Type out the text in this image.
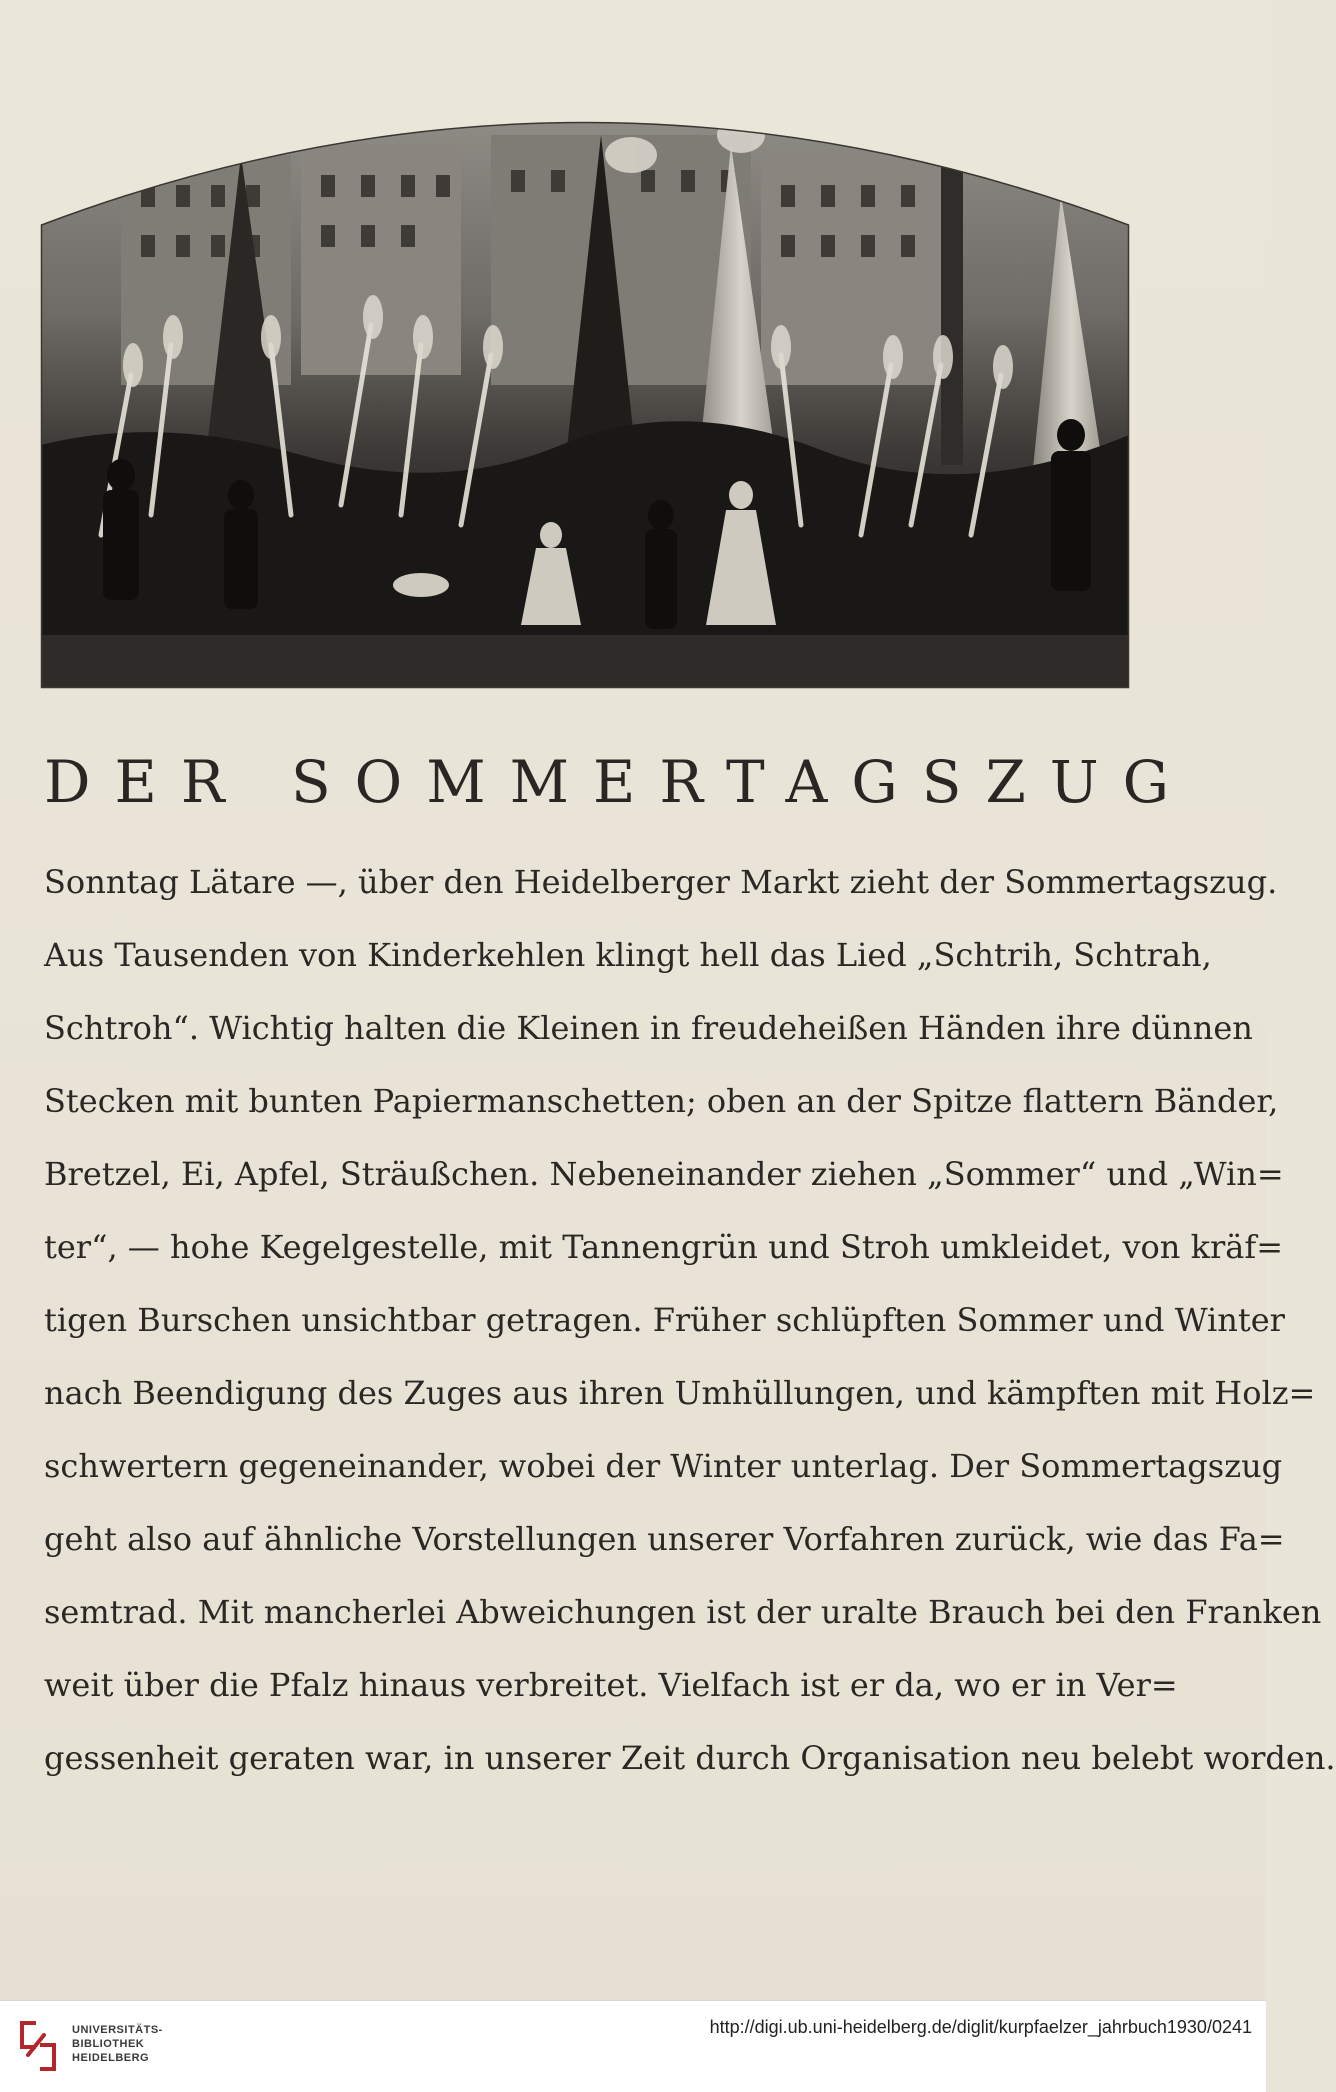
DER SOMMERTAGSZUG
Sonntag Lätare —, über den Heidelberger Markt zieht der Sommertagszug.
Aus Tausenden von Kinderkehlen klingt hell das Lied „Schtrih, Schtrah,
Schtroh“. Wichtig halten die Kleinen in freudeheißen Händen ihre dünnen
Stecken mit bunten Papiermanschetten; oben an der Spitze flattern Bänder,
Bretzel, Ei, Apfel, Sträußchen. Nebeneinander ziehen „Sommer“ und „Win=
ter“, — hohe Kegelgestelle, mit Tannengrün und Stroh umkleidet, von kräf=
tigen Burschen unsichtbar getragen. Früher schlüpften Sommer und Winter
nach Beendigung des Zuges aus ihren Umhüllungen, und kämpften mit Holz=
schwertern gegeneinander, wobei der Winter unterlag. Der Sommertagszug
geht also auf ähnliche Vorstellungen unserer Vorfahren zurück, wie das Fa=
semtrad. Mit mancherlei Abweichungen ist der uralte Brauch bei den Franken
weit über die Pfalz hinaus verbreitet. Vielfach ist er da, wo er in Ver=
gessenheit geraten war, in unserer Zeit durch Organisation neu belebt worden.
UNIVERSITÄTS-
BIBLIOTHEK
HEIDELBERG
http://digi.ub.uni-heidelberg.de/diglit/kurpfaelzer_jahrbuch1930/0241
